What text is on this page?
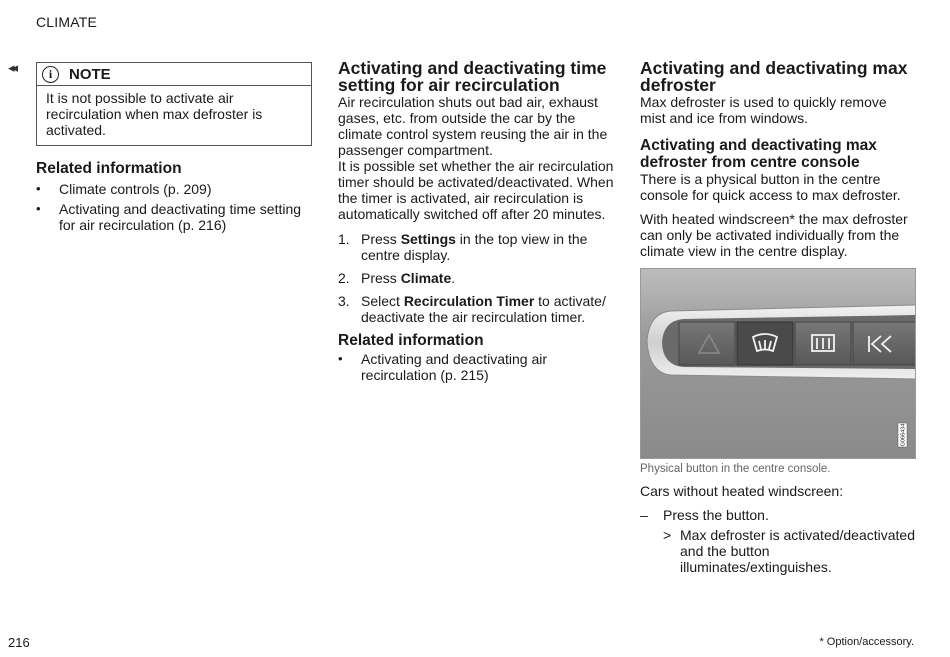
CLIMATE
◂◂	i	NOTE
It is not possible to activate air recirculation when max defroster is activated.
Related information
• Climate controls (p. 209)
• Activating and deactivating time setting for air recirculation (p. 216)
Activating and deactivating time setting for air recirculation

Air recirculation shuts out bad air, exhaust gases, etc. from outside the car by the climate control system reusing the air in the passenger compartment.

It is possible set whether the air recirculation timer should be activated/deactivated. When the timer is activated, air recirculation is automatically switched off after 20 minutes.

1. Press Settings in the top view in the centre display.
2. Press Climate.
3. Select Recirculation Timer to activate/ deactivate the air recirculation timer.
Related information
• Activating and deactivating air recirculation (p. 215)
Activating and deactivating max defroster

Max defroster is used to quickly remove mist and ice from windows.

Activating and deactivating max defroster from centre console

There is a physical button in the centre console for quick access to max defroster.

With heated windscreen* the max defroster can only be activated individually from the climate view in the centre display.

G066434
Physical button in the centre console.

Cars without heated windscreen:

– Press the button.
> Max defroster is activated/deactivated and the button illuminates/extinguishes.
216	* Option/accessory.
